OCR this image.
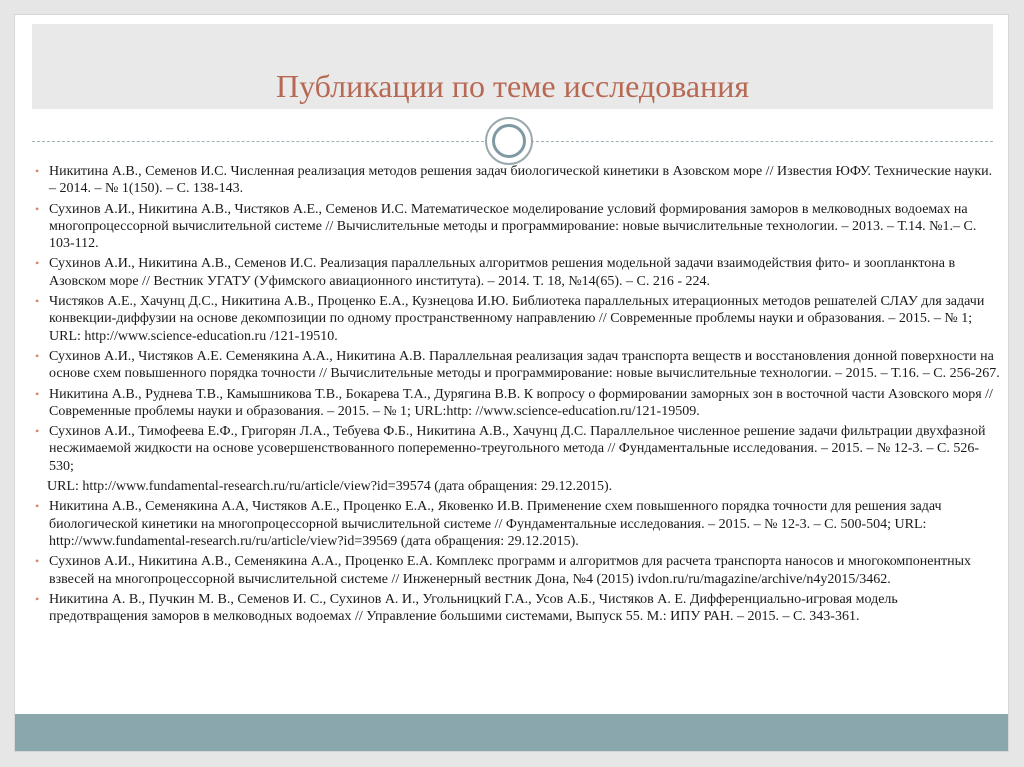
Публикации по теме исследования
• Никитина А.В., Семенов И.С. Численная реализация методов решения задач биологической кинетики в Азовском море // Известия ЮФУ. Технические науки. – 2014. – № 1(150). – С. 138-143.
• Сухинов А.И., Никитина А.В., Чистяков А.Е., Семенов И.С. Математическое моделирование условий формирования заморов в мелководных водоемах на многопроцессорной вычислительной системе // Вычислительные методы и программирование: новые вычислительные технологии. – 2013. – Т.14. №1.– С. 103-112.
• Сухинов А.И., Никитина А.В., Семенов И.С. Реализация параллельных алгоритмов решения модельной задачи взаимодействия фито- и зоопланктона в Азовском море // Вестник УГАТУ (Уфимского авиационного института). – 2014. Т. 18, №14(65). – С. 216 - 224.
• Чистяков А.Е., Хачунц Д.С., Никитина А.В., Проценко Е.А., Кузнецова И.Ю. Библиотека параллельных итерационных методов решателей СЛАУ для задачи конвекции-диффузии на основе декомпозиции по одному пространственному направлению // Современные проблемы науки и образования. – 2015. – № 1; URL: http://www.science-education.ru /121-19510.
• Сухинов А.И., Чистяков А.Е. Семенякина А.А., Никитина А.В. Параллельная реализация задач транспорта веществ и восстановления донной поверхности на основе схем повышенного порядка точности // Вычислительные методы и программирование: новые вычислительные технологии. – 2015. – Т.16. – С. 256-267.
• Никитина А.В., Руднева Т.В., Камышникова Т.В., Бокарева Т.А., Дурягина В.В. К вопросу о формировании заморных зон в восточной части Азовского моря // Современные проблемы науки и образования. – 2015. – № 1; URL:http: //www.science-education.ru/121-19509.
• Сухинов А.И., Тимофеева Е.Ф., Григорян Л.А., Тебуева Ф.Б., Никитина А.В., Хачунц Д.С. Параллельное численное решение задачи фильтрации двухфазной несжимаемой жидкости на основе усовершенствованного попеременно-треугольного метода // Фундаментальные исследования. – 2015. – № 12-3. – С. 526-530;
URL: http://www.fundamental-research.ru/ru/article/view?id=39574 (дата обращения: 29.12.2015).
• Никитина А.В., Семенякина А.А, Чистяков А.Е., Проценко Е.А., Яковенко И.В. Применение схем повышенного порядка точности для решения задач биологической кинетики на многопроцессорной вычислительной системе // Фундаментальные исследования. – 2015. – № 12-3. – С. 500-504; URL: http://www.fundamental-research.ru/ru/article/view?id=39569 (дата обращения: 29.12.2015).
• Сухинов А.И., Никитина А.В., Семенякина А.А., Проценко Е.А. Комплекс программ и алгоритмов для расчета транспорта наносов и многокомпонентных взвесей на многопроцессорной вычислительной системе // Инженерный вестник Дона, №4 (2015) ivdon.ru/ru/magazine/archive/n4y2015/3462.
• Никитина А. В., Пучкин М. В., Семенов И. С., Сухинов А. И., Угольницкий Г.А., Усов А.Б., Чистяков А. Е. Дифференциально-игровая модель предотвращения заморов в мелководных водоемах // Управление большими системами, Выпуск 55. М.: ИПУ РАН. – 2015. – С. 343-361.
